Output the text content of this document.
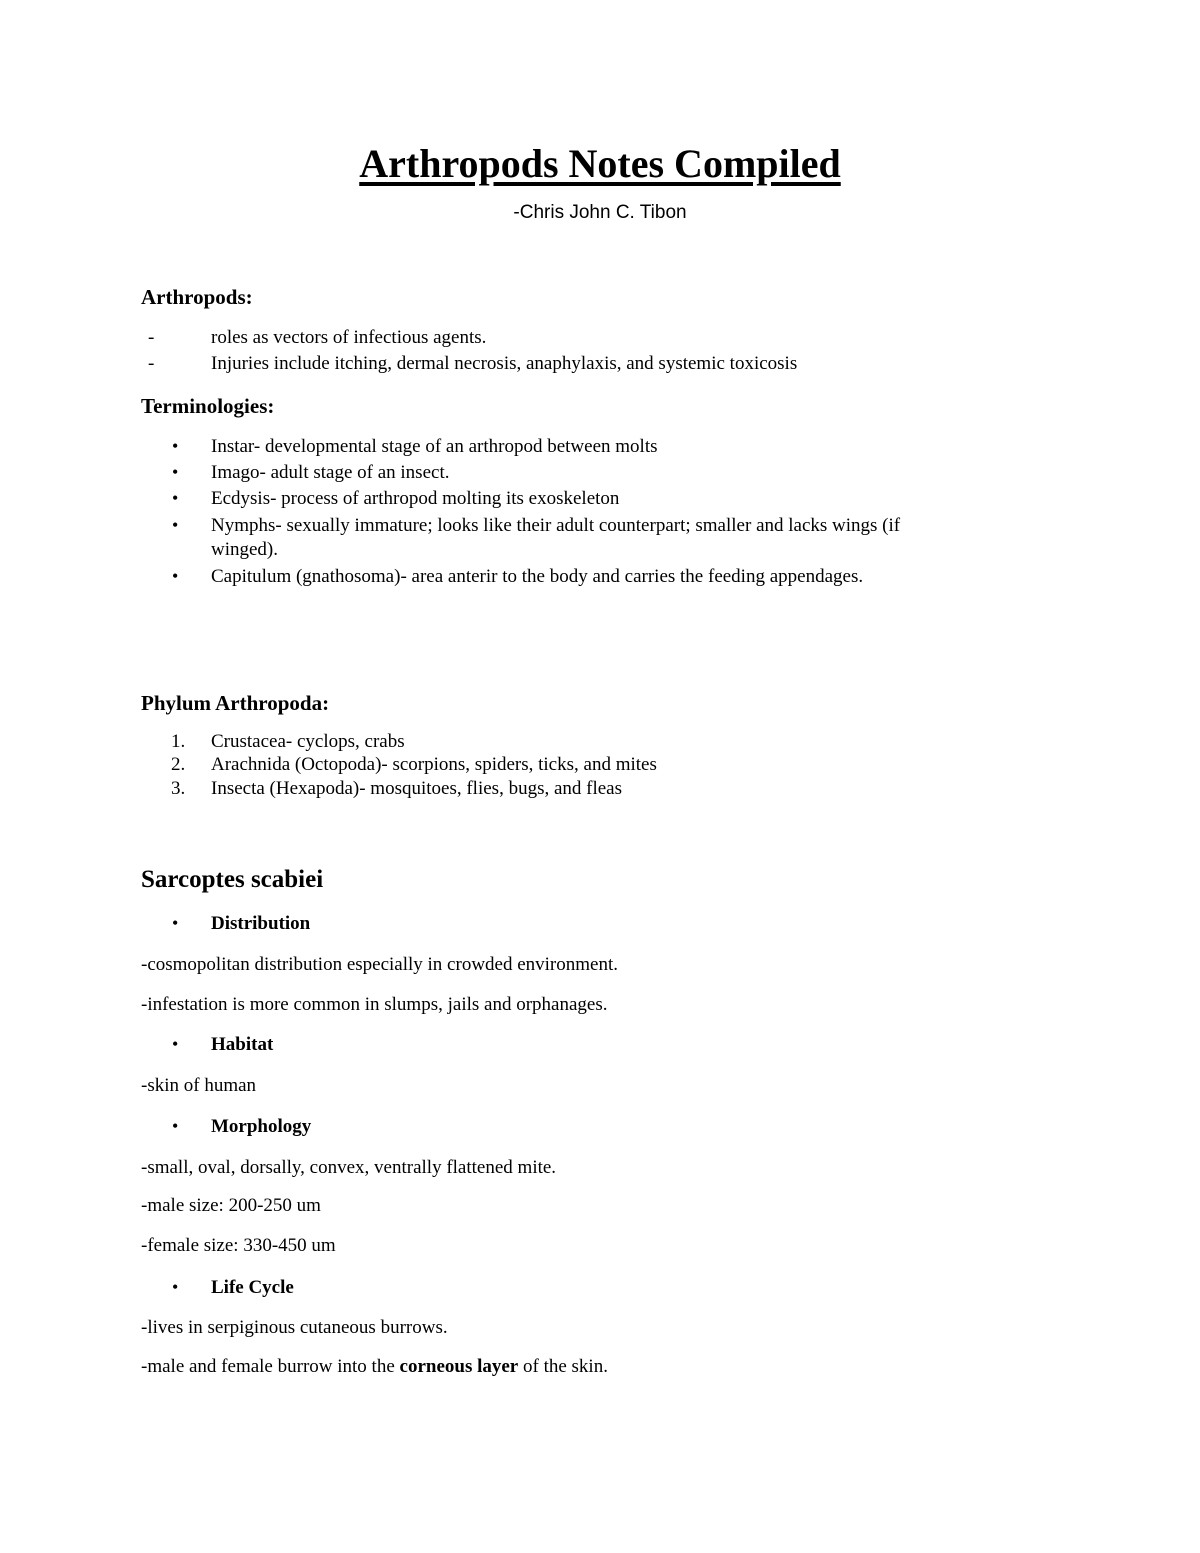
Arthropods Notes Compiled
-Chris John C. Tibon
Arthropods:
-	roles as vectors of infectious agents.
-	Injuries include itching, dermal necrosis, anaphylaxis, and systemic toxicosis
Terminologies:
• Instar- developmental stage of an arthropod between molts
• Imago- adult stage of an insect.
• Ecdysis- process of arthropod molting its exoskeleton
• Nymphs- sexually immature; looks like their adult counterpart; smaller and lacks wings (if
winged).
• Capitulum (gnathosoma)- area anterir to the body and carries the feeding appendages.
Phylum Arthropoda:
1. Crustacea- cyclops, crabs
2. Arachnida (Octopoda)- scorpions, spiders, ticks, and mites
3. Insecta (Hexapoda)- mosquitoes, flies, bugs, and fleas
Sarcoptes scabiei
• Distribution
-cosmopolitan distribution especially in crowded environment.
-infestation is more common in slumps, jails and orphanages.
• Habitat
-skin of human
• Morphology
-small, oval, dorsally, convex, ventrally flattened mite.
-male size: 200-250 um
-female size: 330-450 um
• Life Cycle
-lives in serpiginous cutaneous burrows.
-male and female burrow into the corneous layer of the skin.
